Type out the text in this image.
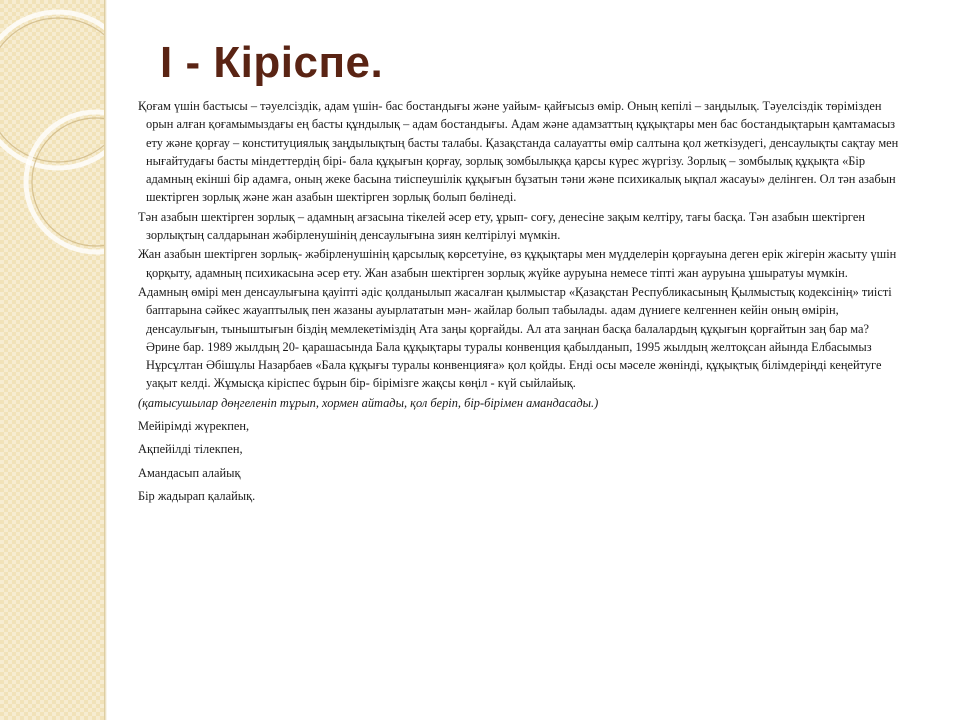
I - Кіріспе.

Қоғам үшін бастысы – тәуелсіздік, адам үшін- бас бостандығы және уайым- қайғысыз өмір. Оның кепілі – заңдылық. Тәуелсіздік төрімізден орын алған қоғамымыздағы ең басты құндылық – адам бостандығы. Адам жәнe адамзаттың құқықтары мен бас бостандықтарын қамтамасыз ету және қорғау – конституциялық заңдылықтың басты талабы. Қазақстанда салауатты өмір салтына қол жеткізудегі, денсаулықты сақтау мен нығайтудағы басты міндеттердің бірі- бала құқығын қорғау, зорлық зомбылыққа қарсы күрес жүргізу. Зорлық – зомбылық құқықта «Бір адамның екінші бір адамға, оның жеке басына тиіспеушілік құқығын бұзатын тәни және психикалық ықпал жасауы» делінген. Ол тән азабын шектірген зорлық және жан азабын шектірген зорлық болып бөлінеді.

Тән азабын шектірген зорлық – адамның ағзасына тікелей әсер ету, ұрып- соғу, денесіне зақым келтіру, тағы басқа. Тән азабын шектірген зорлықтың салдарынан жәбірленушінің денсаулығына зиян келтірілуі мүмкін.

Жан азабын шектірген зорлық- жәбірленушінің қарсылық көрсетуіне, өз құқықтары мен мүдделерін қорғауына деген ерік жігерін жасыту үшін қорқыту, адамның психикасына әсер ету. Жан азабын шектірген зорлық жүйке ауруына немесе тіпті жан ауруына ұшыратуы мүмкін.

Адамның өмірі мен денсаулығына қауіпті әдіс қолданылып жасалған қылмыстар «Қазақстан Республикасының Қылмыстық кодексінің» тиісті баптарына сәйкес жауаптылық пен жазаны ауырлататын мән- жайлар болып табылады. адам дүниеге келгеннен кейін оның өмірін, денсаулығын, тыныштығын біздің мемлекетіміздің Ата заңы қорғайды. Ал ата заңнан басқа балалардың құқығын қорғайтын заң бар ма? Әрине бар. 1989 жылдың 20- қарашасында Бала құқықтары туралы конвенция қабылданып, 1995 жылдың желтоқсан айында Елбасымыз Нұрсұлтан Әбішұлы Назарбаев «Бала құқығы туралы конвенцияға» қол қойды. Енді осы мәселе жөнінді, құқықтық білімдеріңді кеңейтуге уақыт келді. Жұмысқа кіріспес бұрын бір- бірімізге жақсы көңіл - күй сыйлайық.

(қатысушылар дөңгеленіп тұрып, хормен айтады, қол беріп, бір-бірімен амандасады.)

Мейірімді жүрекпен,

Ақпейілді тілекпен,

Амандасып алайық

Бір жадырап қалайық.
